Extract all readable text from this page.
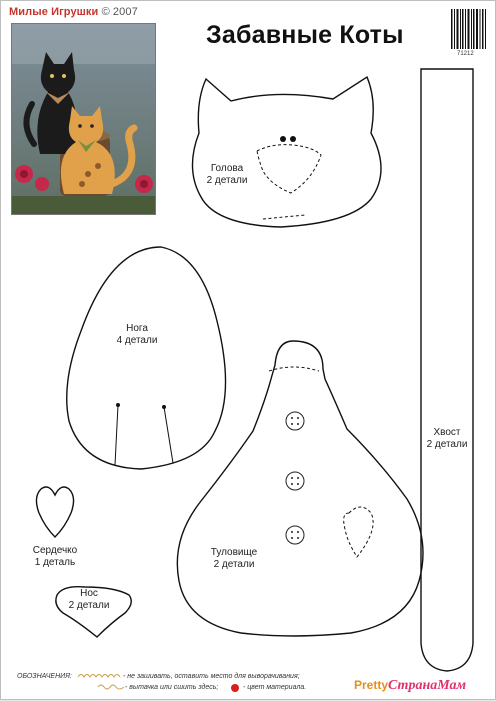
Милые Игрушки © 2007
Забавные Коты
71212
Голова
2 детали
Нога
4 детали
Хвост
2 детали
Сердечко
1 деталь
Нос
2 детали
Туловище
2 детали
ОБОЗНАЧЕНИЯ:	- не зашивать, оставить место для выворачивания;
- вытачка или сшить здесь;	- цвет материала.	PrettyСтранаМам
